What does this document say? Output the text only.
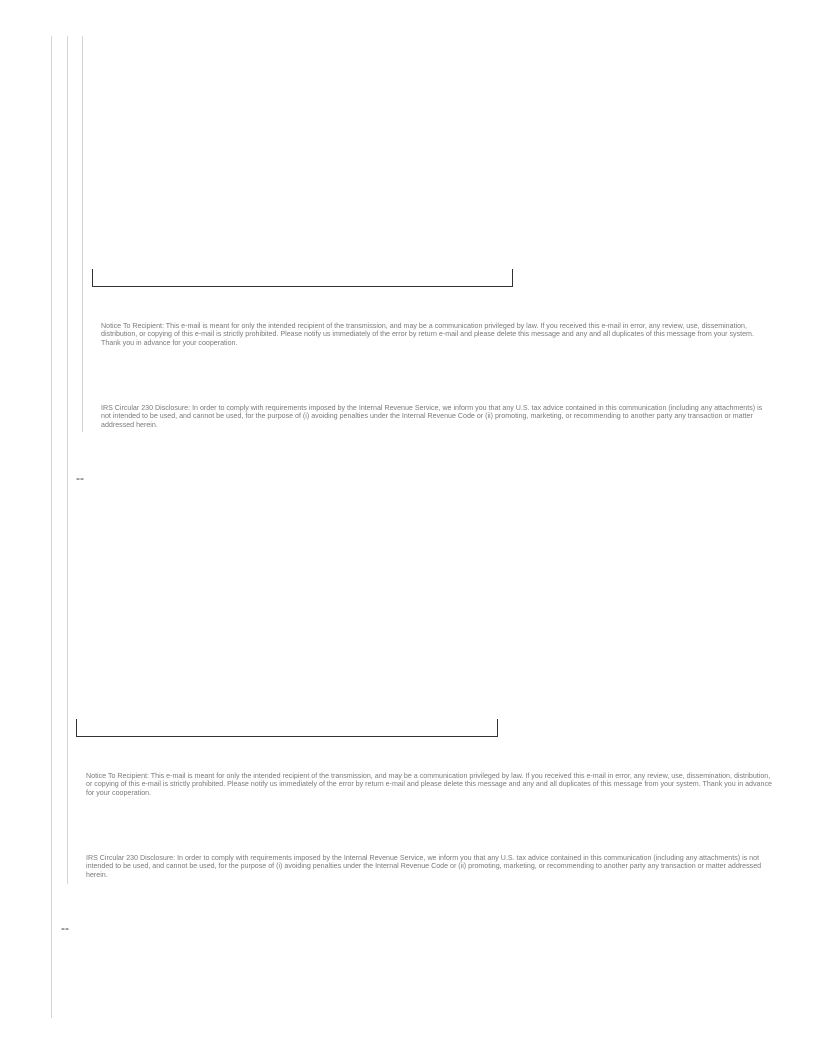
Notice To Recipient: This e-mail is meant for only the intended recipient of the transmission, and may be a communication privileged by law. If you received this e-mail in error, any review, use, dissemination, distribution, or copying of this e-mail is strictly prohibited. Please notify us immediately of the error by return e-mail and please delete this message and any and all duplicates of this message from your system. Thank you in advance for your cooperation.

IRS Circular 230 Disclosure: In order to comply with requirements imposed by the Internal Revenue Service, we inform you that any U.S. tax advice contained in this communication (including any attachments) is not intended to be used, and cannot be used, for the purpose of (i) avoiding penalties under the Internal Revenue Code or (ii) promoting, marketing, or recommending to another party any transaction or matter addressed herein.

--

Notice To Recipient: This e-mail is meant for only the intended recipient of the transmission, and may be a communication privileged by law. If you received this e-mail in error, any review, use, dissemination, distribution, or copying of this e-mail is strictly prohibited. Please notify us immediately of the error by return e-mail and please delete this message and any and all duplicates of this message from your system. Thank you in advance for your cooperation.

IRS Circular 230 Disclosure: In order to comply with requirements imposed by the Internal Revenue Service, we inform you that any U.S. tax advice contained in this communication (including any attachments) is not intended to be used, and cannot be used, for the purpose of (i) avoiding penalties under the Internal Revenue Code or (ii) promoting, marketing, or recommending to another party any transaction or matter addressed herein.

--
